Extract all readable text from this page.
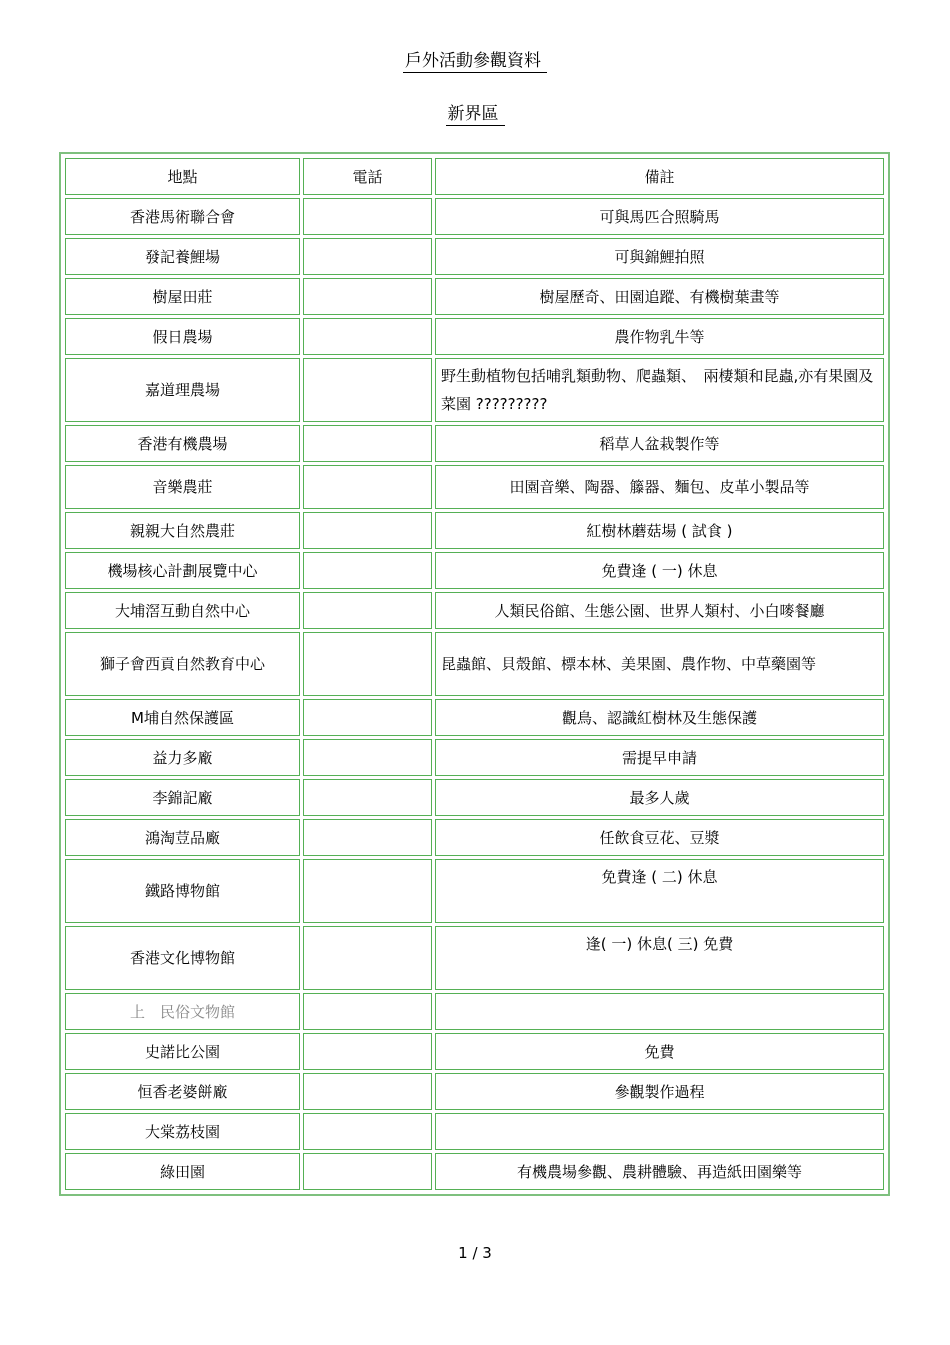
戶外活動參觀資料
新界區
地點	電話	備註
香港馬術聯合會		可與馬匹合照騎馬
發記養鯉場		可與錦鯉拍照
樹屋田莊		樹屋歷奇、田園追蹤、有機樹葉畫等
假日農場		農作物乳牛等
嘉道理農場		野生動植物包括哺乳類動物、爬蟲類、　兩棲類和昆蟲,亦有果園及菜園 ?????????
香港有機農場		稻草人盆栽製作等
音樂農莊		田園音樂、陶器、籐器、麵包、皮革小製品等
親親大自然農莊		紅樹林蘑菇場 ( 試食 )
機場核心計劃展覽中心		免費逢 ( 一) 休息
大埔滘互動自然中心		人類民俗館、生態公園、世界人類村、小白嘜餐廳
獅子會西貢自然教育中心		昆蟲館、貝殼館、標本林、美果園、農作物、中草藥園等
M埔自然保護區		觀鳥、認識紅樹林及生態保護
益力多廠		需提早申請
李錦記廠		最多人歲
鴻淘荳品廠		任飲食豆花、豆漿
鐵路博物館		免費逢 ( 二) 休息
香港文化博物館		逢( 一) 休息( 三) 免費
上　民俗文物館		
史諾比公園		免費
恒香老婆餅廠		參觀製作過程
大棠荔枝園		
綠田園		有機農場參觀、農耕體驗、再造紙田園樂等
1 / 3
